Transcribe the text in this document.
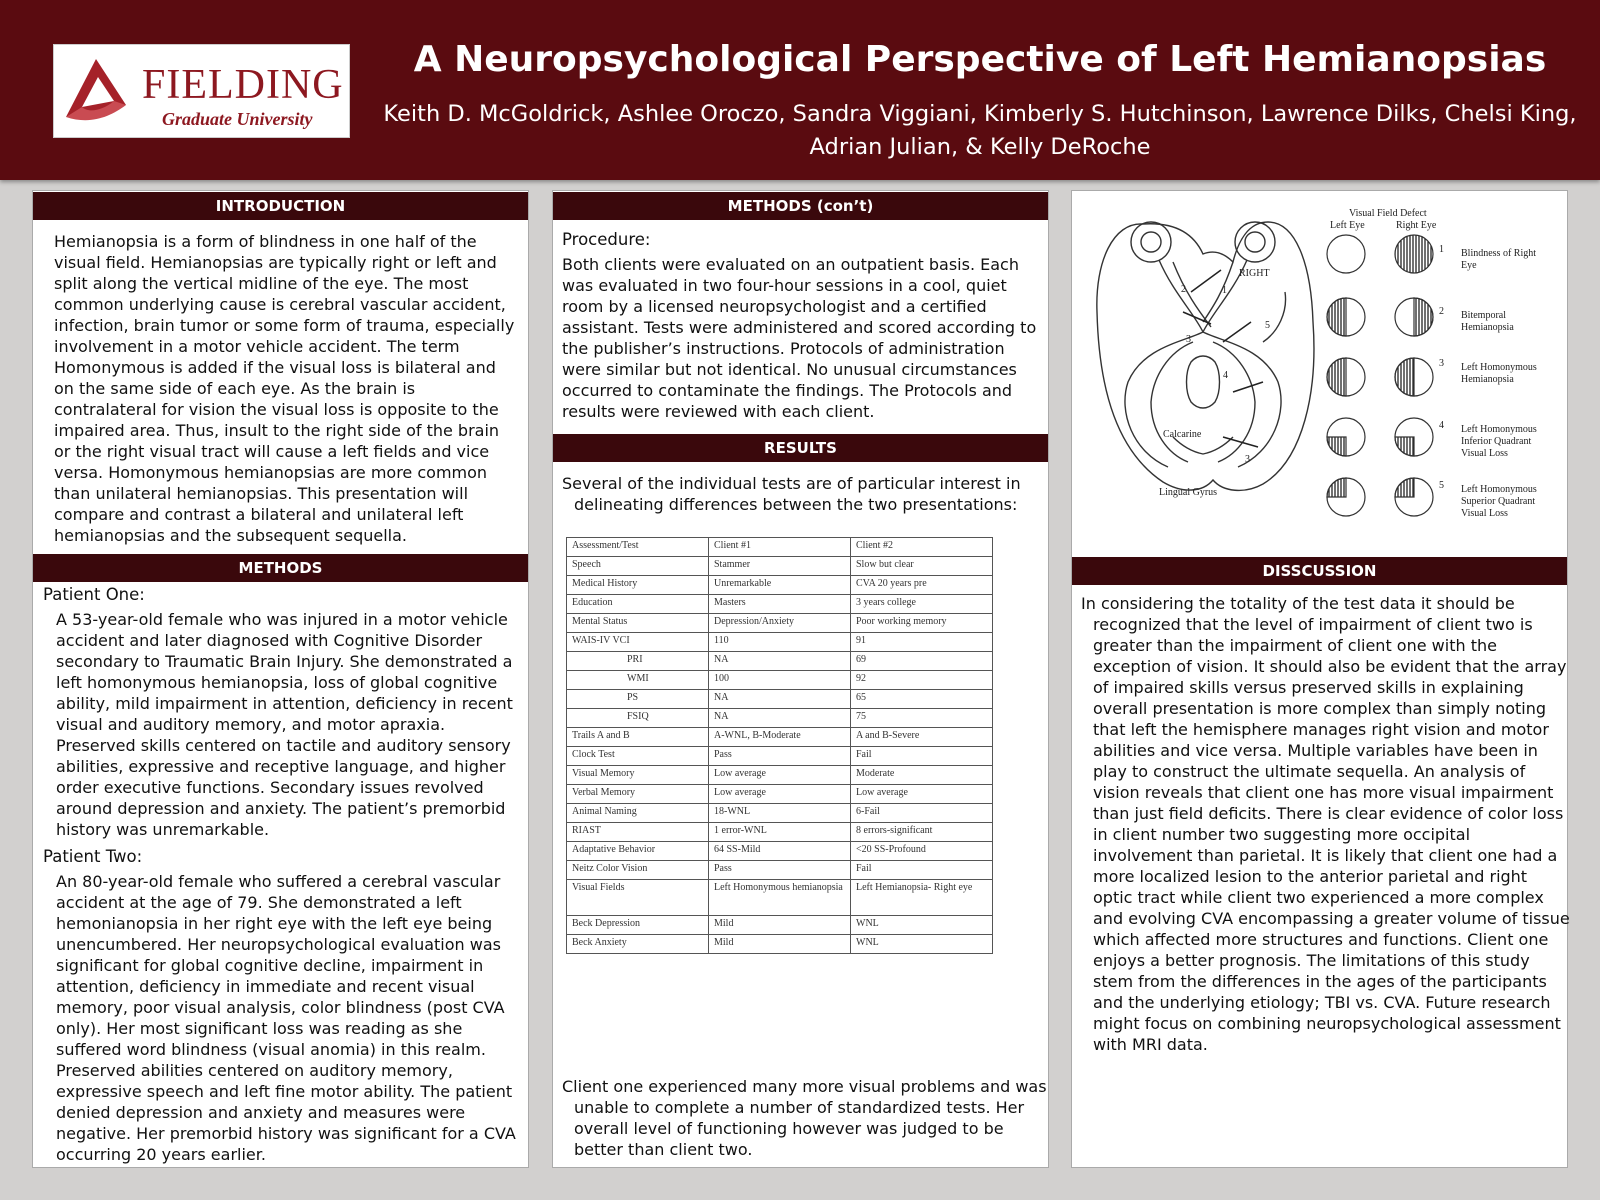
FIELDING
Graduate University
A Neuropsychological Perspective of Left Hemianopsias
Keith D. McGoldrick, Ashlee Oroczo, Sandra Viggiani, Kimberly S. Hutchinson, Lawrence Dilks, Chelsi King, Adrian Julian, & Kelly DeRoche
INTRODUCTION
Hemianopsia is a form of blindness in one half of the visual field. Hemianopsias are typically right or left and split along the vertical midline of the eye. The most common underlying cause is cerebral vascular accident, infection, brain tumor or some form of trauma, especially involvement in a motor vehicle accident. The term Homonymous is added if the visual loss is bilateral and on the same side of each eye. As the brain is contralateral for vision the visual loss is opposite to the impaired area. Thus, insult to the right side of the brain or the right visual tract will cause a left fields and vice versa. Homonymous hemianopsias are more common than unilateral hemianopsias. This presentation will compare and contrast a bilateral and unilateral left hemianopsias and the subsequent sequella.
METHODS
Patient One:
A 53-year-old female who was injured in a motor vehicle accident and later diagnosed with Cognitive Disorder secondary to Traumatic Brain Injury. She demonstrated a left homonymous hemianopsia, loss of global cognitive ability, mild impairment in attention, deficiency in recent visual and auditory memory, and motor apraxia. Preserved skills centered on tactile and auditory sensory abilities, expressive and receptive language, and higher order executive functions. Secondary issues revolved around depression and anxiety. The patient’s premorbid history was unremarkable.
Patient Two:
An 80-year-old female who suffered a cerebral vascular accident at the age of 79. She demonstrated a left hemonianopsia in her right eye with the left eye being unencumbered. Her neuropsychological evaluation was significant for global cognitive decline, impairment in attention, deficiency in immediate and recent visual memory, poor visual analysis, color blindness (post CVA only). Her most significant loss was reading as she suffered word blindness (visual anomia) in this realm. Preserved abilities centered on auditory memory, expressive speech and left fine motor ability. The patient denied depression and anxiety and measures were negative. Her premorbid history was significant for a CVA occurring 20 years earlier.
METHODS (con’t)
Procedure:
Both clients were evaluated on an outpatient basis. Each was evaluated in two four-hour sessions in a cool, quiet room by a licensed neuropsychologist and a certified assistant. Tests were administered and scored according to the publisher’s instructions. Protocols of administration were similar but not identical. No unusual circumstances occurred to contaminate the findings. The Protocols and results were reviewed with each client.
RESULTS
Several of the individual tests are of particular interest in delineating differences between the two presentations:
Assessment/Test	Client #1	Client #2
Speech	Stammer	Slow but clear
Medical History	Unremarkable	CVA 20 years pre
Education	Masters	3 years college
Mental Status	Depression/Anxiety	Poor working memory
WAIS-IV VCI	110	91
PRI	NA	69
WMI	100	92
PS	NA	65
FSIQ	NA	75
Trails A and B	A-WNL, B-Moderate	A and B-Severe
Clock Test	Pass	Fail
Visual Memory	Low average	Moderate
Verbal Memory	Low average	Low average
Animal Naming	18-WNL	6-Fail
RIAST	1 error-WNL	8 errors-significant
Adaptative Behavior	64 SS-Mild	<20 SS-Profound
Neitz Color Vision	Pass	Fail
Visual Fields	Left Homonymous hemianopsia	Left Hemianopsia- Right eye
Beck Depression	Mild	WNL
Beck Anxiety	Mild	WNL
Client one experienced many more visual problems and was unable to complete a number of standardized tests. Her overall level of functioning however was judged to be better than client two.
Visual Field Defect
Left Eye	Right Eye
RIGHT
Calcarine
Lingual Gyrus
1
2
3
4
5
3
1 Blindness of Right Eye
2 Bitemporal Hemianopsia
3 Left Homonymous Hemianopsia
4 Left Homonymous Inferior Quadrant Visual Loss
5 Left Homonymous Superior Quadrant Visual Loss
DISSCUSSION
In considering the totality of the test data it should be recognized that the level of impairment of client two is greater than the impairment of client one with the exception of vision. It should also be evident that the array of impaired skills versus preserved skills in explaining overall presentation is more complex than simply noting that left the hemisphere manages right vision and motor abilities and vice versa. Multiple variables have been in play to construct the ultimate sequella. An analysis of vision reveals that client one has more visual impairment than just field deficits. There is clear evidence of color loss in client number two suggesting more occipital involvement than parietal. It is likely that client one had a more localized lesion to the anterior parietal and right optic tract while client two experienced a more complex and evolving CVA encompassing a greater volume of tissue which affected more structures and functions. Client one enjoys a better prognosis. The limitations of this study stem from the differences in the ages of the participants and the underlying etiology; TBI vs. CVA. Future research might focus on combining neuropsychological assessment with MRI data.
